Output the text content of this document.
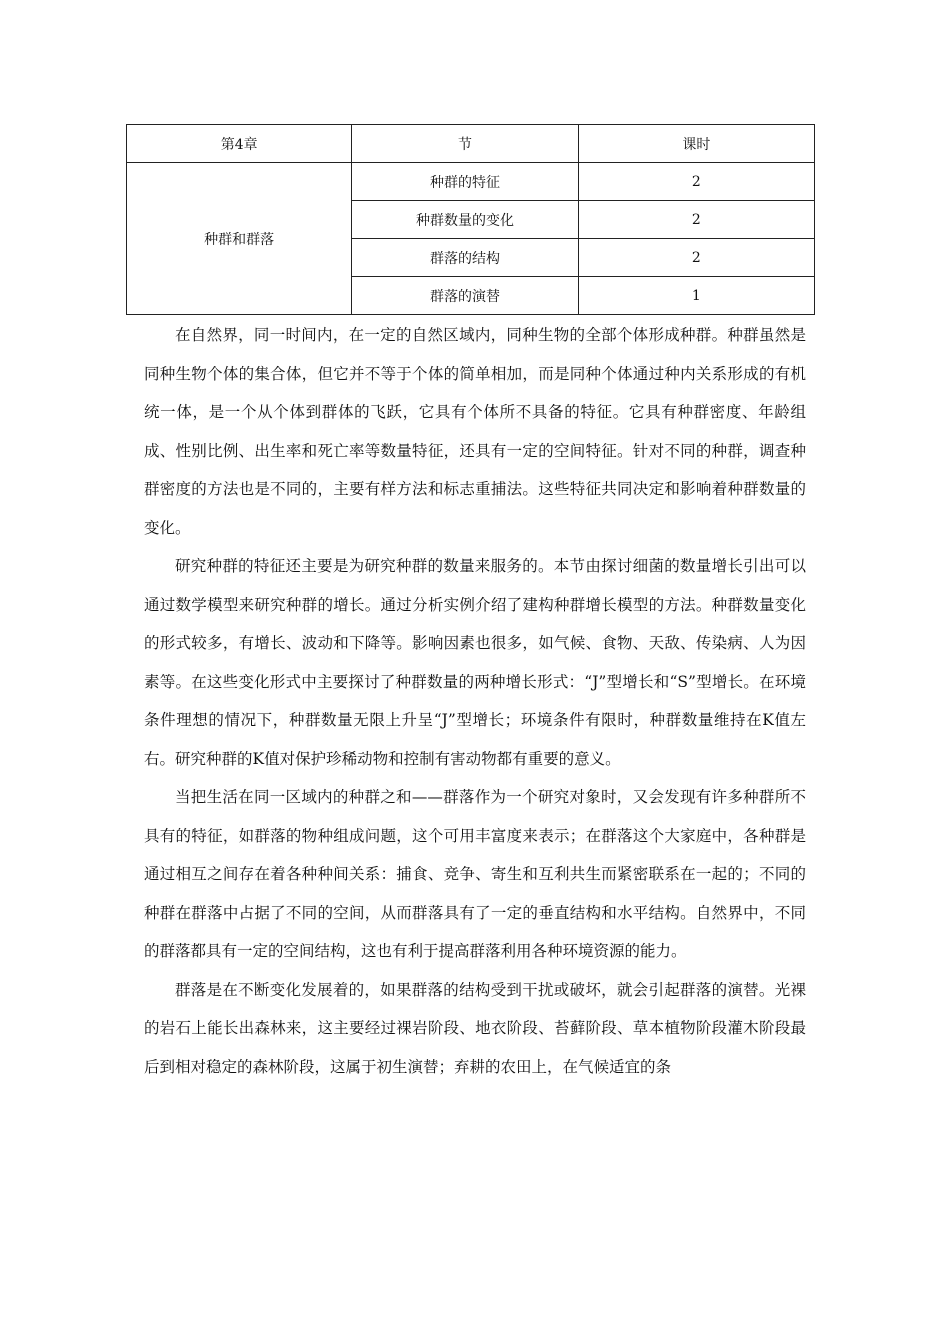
第4章	节	课时
种群和群落	种群的特征	2
	种群数量的变化	2
	群落的结构	2
	群落的演替	1

在自然界，同一时间内，在一定的自然区域内，同种生物的全部个体形成种群。种群虽然是同种生物个体的集合体，但它并不等于个体的简单相加，而是同种个体通过种内关系形成的有机统一体，是一个从个体到群体的飞跃，它具有个体所不具备的特征。它具有种群密度、年龄组成、性别比例、出生率和死亡率等数量特征，还具有一定的空间特征。针对不同的种群，调查种群密度的方法也是不同的，主要有样方法和标志重捕法。这些特征共同决定和影响着种群数量的变化。

研究种群的特征还主要是为研究种群的数量来服务的。本节由探讨细菌的数量增长引出可以通过数学模型来研究种群的增长。通过分析实例介绍了建构种群增长模型的方法。种群数量变化的形式较多，有增长、波动和下降等。影响因素也很多，如气候、食物、天敌、传染病、人为因素等。在这些变化形式中主要探讨了种群数量的两种增长形式：“J”型增长和“S”型增长。在环境条件理想的情况下，种群数量无限上升呈“J”型增长；环境条件有限时，种群数量维持在K值左右。研究种群的K值对保护珍稀动物和控制有害动物都有重要的意义。

当把生活在同一区域内的种群之和——群落作为一个研究对象时，又会发现有许多种群所不具有的特征，如群落的物种组成问题，这个可用丰富度来表示；在群落这个大家庭中，各种群是通过相互之间存在着各种种间关系：捕食、竞争、寄生和互利共生而紧密联系在一起的；不同的种群在群落中占据了不同的空间，从而群落具有了一定的垂直结构和水平结构。自然界中，不同的群落都具有一定的空间结构，这也有利于提高群落利用各种环境资源的能力。

群落是在不断变化发展着的，如果群落的结构受到干扰或破坏，就会引起群落的演替。光裸的岩石上能长出森林来，这主要经过裸岩阶段、地衣阶段、苔藓阶段、草本植物阶段灌木阶段最后到相对稳定的森林阶段，这属于初生演替；弃耕的农田上，在气候适宜的条
